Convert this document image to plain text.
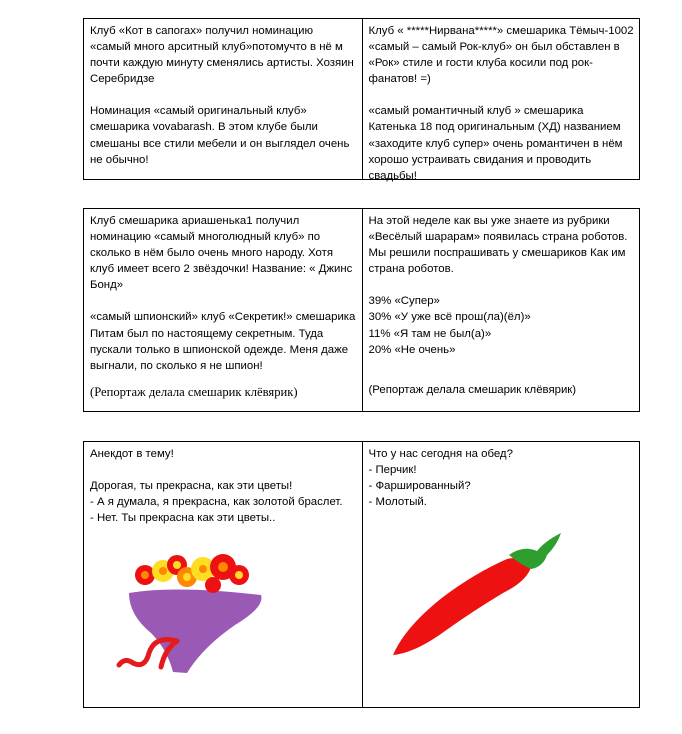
Клуб «Кот в сапогах» получил номинацию «самый много арситный клуб»потомучто в нё м почти каждую минуту сменялись артисты. Хозяин Серебридзе

Номинация «самый оригинальный клуб» смешарика vovabarash. В этом клубе были смешаны все стили мебели и он выглядел очень не обычно!

Клуб « *****Нирвана*****» смешарика Тёмыч-1002 «самый – самый Рок-клуб» он был обставлен в «Рок» стиле и гости клуба косили под рок-фанатов! =)

«самый романтичный клуб » смешарика Катенька 18 под оригинальным (ХД) названием «заходите клуб супер» очень романтичен в нём хорошо устраивать свидания и проводить свадьбы!

Клуб смешарика ариашенька1 получил номинацию «самый многолюдный клуб» по сколько в нём было очень много народу. Хотя клуб имеет всего 2 звёздочки! Название: « Джинс Бонд»

«самый шпионский» клуб «Секретик!» смешарика Питам был по настоящему секретным. Туда пускали только в шпионской одежде. Меня даже выгнали, по сколько я не шпион!

(Репортаж делала смешарик клёвярик)

На этой неделе как вы уже знаете из рубрики «Весёлый шарарам» появилась страна роботов. Мы решили поспрашивать у смешариков Как им страна роботов.

39% «Супер»

30% «У уже всё прош(ла)(ёл)»

11% «Я там не был(а)»

20% «Не очень»

(Репортаж делала смешарик клёвярик)

Анекдот в тему!

Дорогая, ты прекрасна, как эти цветы!

- А я думала, я прекрасна, как золотой браслет.

- Нет. Ты прекрасна как эти цветы..

Что у нас сегодня на обед?

- Перчик!

- Фаршированный?

- Молотый.
